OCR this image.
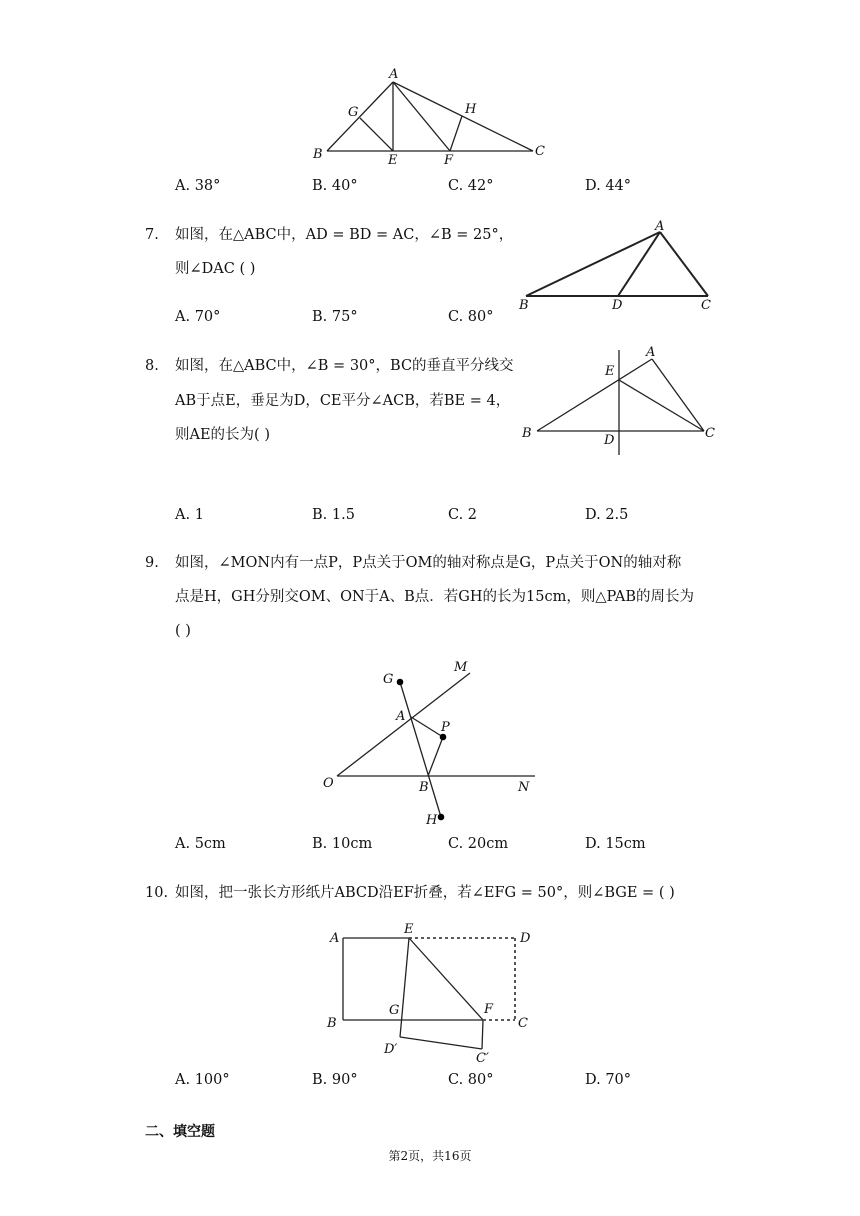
A
G	H
B	E	F
C
A. 38°	B. 40°	C. 42°	D. 44°
7. 如图，在△ABC中，AD = BD = AC，∠B = 25°，
则∠DAC ( )
A
B	D	C
A. 70°	B. 75°	C. 80°
8. 如图，在△ABC中，∠B = 30°，BC的垂直平分线交
AB于点E，垂足为D，CE平分∠ACB，若BE = 4，
则AE的长为( )
A
E
B	D	C
A. 1	B. 1.5	C. 2	D. 2.5
9. 如图，∠MON内有一点P，P点关于OM的轴对称点是G，P点关于ON的轴对称
点是H，GH分别交OM、ON于A、B点．若GH的长为15cm，则△PAB的周长为
( )
G
M
A
P
O	B	N
H
A. 5cm	B. 10cm	C. 20cm	D. 15cm
10. 如图，把一张长方形纸片ABCD沿EF折叠，若∠EFG = 50°，则∠BGE = ( )
A
E
D
G	F
B	C
D′
C′
A. 100°	B. 90°	C. 80°	D. 70°
二、填空题
第2页，共16页
